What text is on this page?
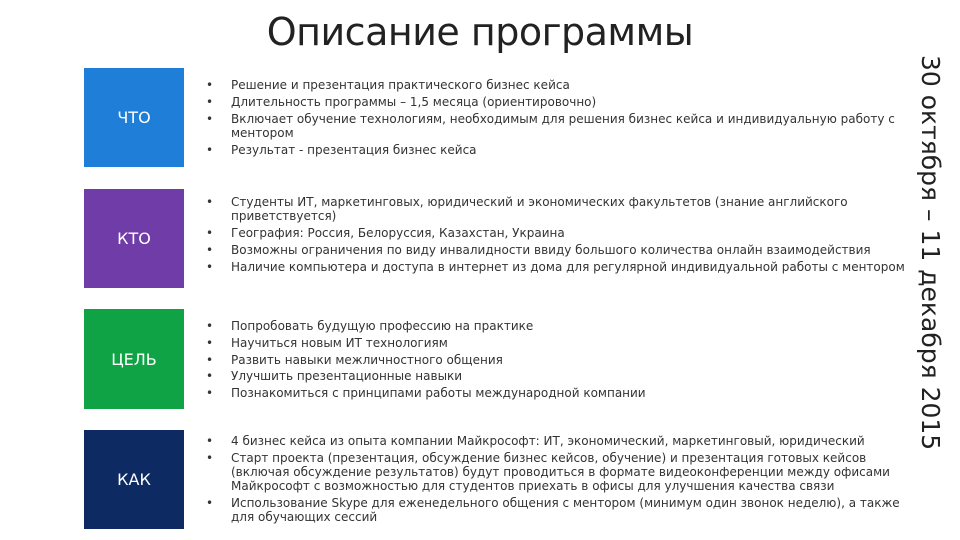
Описание программы
ЧТО
КТО
ЦЕЛЬ
КАК
• Решение и презентация практического бизнес кейса
• Длительность программы – 1,5 месяца (ориентировочно)
• Включает обучение технологиям, необходимым для решения бизнес кейса и индивидуальную работу с ментором
• Результат - презентация бизнес кейса
• Студенты ИТ, маркетинговых, юридический и экономических факультетов (знание английского приветствуется)
• География: Россия, Белоруссия, Казахстан, Украина
• Возможны ограничения по виду инвалидности ввиду большого количества онлайн взаимодействия
• Наличие компьютера и доступа в интернет из дома для регулярной индивидуальной работы с ментором
• Попробовать будущую профессию на практике
• Научиться новым ИТ технологиям
• Развить навыки межличностного общения
• Улучшить презентационные навыки
• Познакомиться с принципами работы международной компании
• 4 бизнес кейса из опыта компании Майкрософт: ИТ, экономический, маркетинговый, юридический
• Старт проекта (презентация, обсуждение бизнес кейсов, обучение) и презентация готовых кейсов (включая обсуждение результатов) будут проводиться в формате видеоконференции между офисами Майкрософт с возможностью для студентов приехать в офисы для улучшения качества связи
• Использование Skype для еженедельного общения с ментором (минимум один звонок неделю), а также для обучающих сессий
30 октября – 11 декабря 2015
